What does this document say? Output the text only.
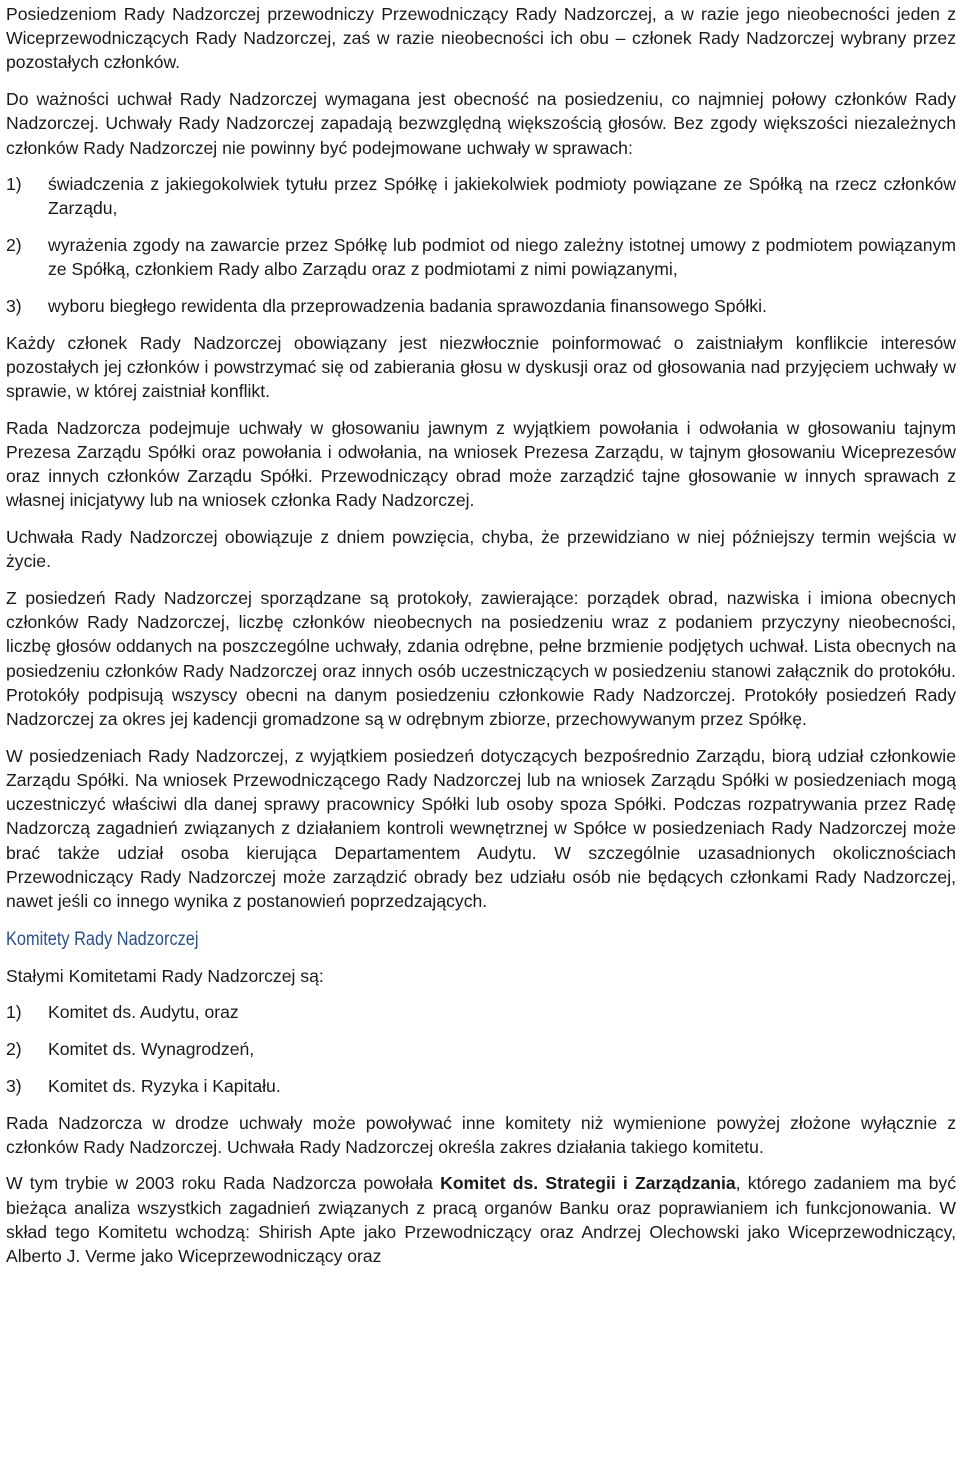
Posiedzeniom Rady Nadzorczej przewodniczy Przewodniczący Rady Nadzorczej, a w razie jego nieobecności jeden z Wiceprzewodniczących Rady Nadzorczej, zaś w razie nieobecności ich obu – członek Rady Nadzorczej wybrany przez pozostałych członków.

Do ważności uchwał Rady Nadzorczej wymagana jest obecność na posiedzeniu, co najmniej połowy członków Rady Nadzorczej. Uchwały Rady Nadzorczej zapadają bezwzględną większością głosów. Bez zgody większości niezależnych członków Rady Nadzorczej nie powinny być podejmowane uchwały w sprawach:

1)	świadczenia z jakiegokolwiek tytułu przez Spółkę i jakiekolwiek podmioty powiązane ze Spółką na rzecz członków Zarządu,
2)	wyrażenia zgody na zawarcie przez Spółkę lub podmiot od niego zależny istotnej umowy z podmiotem powiązanym ze Spółką, członkiem Rady albo Zarządu oraz z podmiotami z nimi powiązanymi,
3)	wyboru biegłego rewidenta dla przeprowadzenia badania sprawozdania finansowego Spółki.

Każdy członek Rady Nadzorczej obowiązany jest niezwłocznie poinformować o zaistniałym konflikcie interesów pozostałych jej członków i powstrzymać się od zabierania głosu w dyskusji oraz od głosowania nad przyjęciem uchwały w sprawie, w której zaistniał konflikt.

Rada Nadzorcza podejmuje uchwały w głosowaniu jawnym z wyjątkiem powołania i odwołania w głosowaniu tajnym Prezesa Zarządu Spółki oraz powołania i odwołania, na wniosek Prezesa Zarządu, w tajnym głosowaniu Wiceprezesów oraz innych członków Zarządu Spółki. Przewodniczący obrad może zarządzić tajne głosowanie w innych sprawach z własnej inicjatywy lub na wniosek członka Rady Nadzorczej.

Uchwała Rady Nadzorczej obowiązuje z dniem powzięcia, chyba, że przewidziano w niej późniejszy termin wejścia w życie.

Z posiedzeń Rady Nadzorczej sporządzane są protokoły, zawierające: porządek obrad, nazwiska i imiona obecnych członków Rady Nadzorczej, liczbę członków nieobecnych na posiedzeniu wraz z podaniem przyczyny nieobecności, liczbę głosów oddanych na poszczególne uchwały, zdania odrębne, pełne brzmienie podjętych uchwał. Lista obecnych na posiedzeniu członków Rady Nadzorczej oraz innych osób uczestniczących w posiedzeniu stanowi załącznik do protokółu. Protokóły podpisują wszyscy obecni na danym posiedzeniu członkowie Rady Nadzorczej. Protokóły posiedzeń Rady Nadzorczej za okres jej kadencji gromadzone są w odrębnym zbiorze, przechowywanym przez Spółkę.

W posiedzeniach Rady Nadzorczej, z wyjątkiem posiedzeń dotyczących bezpośrednio Zarządu, biorą udział członkowie Zarządu Spółki. Na wniosek Przewodniczącego Rady Nadzorczej lub na wniosek Zarządu Spółki w posiedzeniach mogą uczestniczyć właściwi dla danej sprawy pracownicy Spółki lub osoby spoza Spółki. Podczas rozpatrywania przez Radę Nadzorczą zagadnień związanych z działaniem kontroli wewnętrznej w Spółce w posiedzeniach Rady Nadzorczej może brać także udział osoba kierująca Departamentem Audytu. W szczególnie uzasadnionych okolicznościach Przewodniczący Rady Nadzorczej może zarządzić obrady bez udziału osób nie będących członkami Rady Nadzorczej, nawet jeśli co innego wynika z postanowień poprzedzających.

Komitety Rady Nadzorczej

Stałymi Komitetami Rady Nadzorczej są:

1)	Komitet ds. Audytu, oraz
2)	Komitet ds. Wynagrodzeń,
3)	Komitet ds. Ryzyka i Kapitału.

Rada Nadzorcza w drodze uchwały może powoływać inne komitety niż wymienione powyżej złożone wyłącznie z członków Rady Nadzorczej. Uchwała Rady Nadzorczej określa zakres działania takiego komitetu.

W tym trybie w 2003 roku Rada Nadzorcza powołała Komitet ds. Strategii i Zarządzania, którego zadaniem ma być bieżąca analiza wszystkich zagadnień związanych z pracą organów Banku oraz poprawianiem ich funkcjonowania. W skład tego Komitetu wchodzą: Shirish Apte jako Przewodniczący oraz Andrzej Olechowski jako Wiceprzewodniczący, Alberto J. Verme jako Wiceprzewodniczący oraz
